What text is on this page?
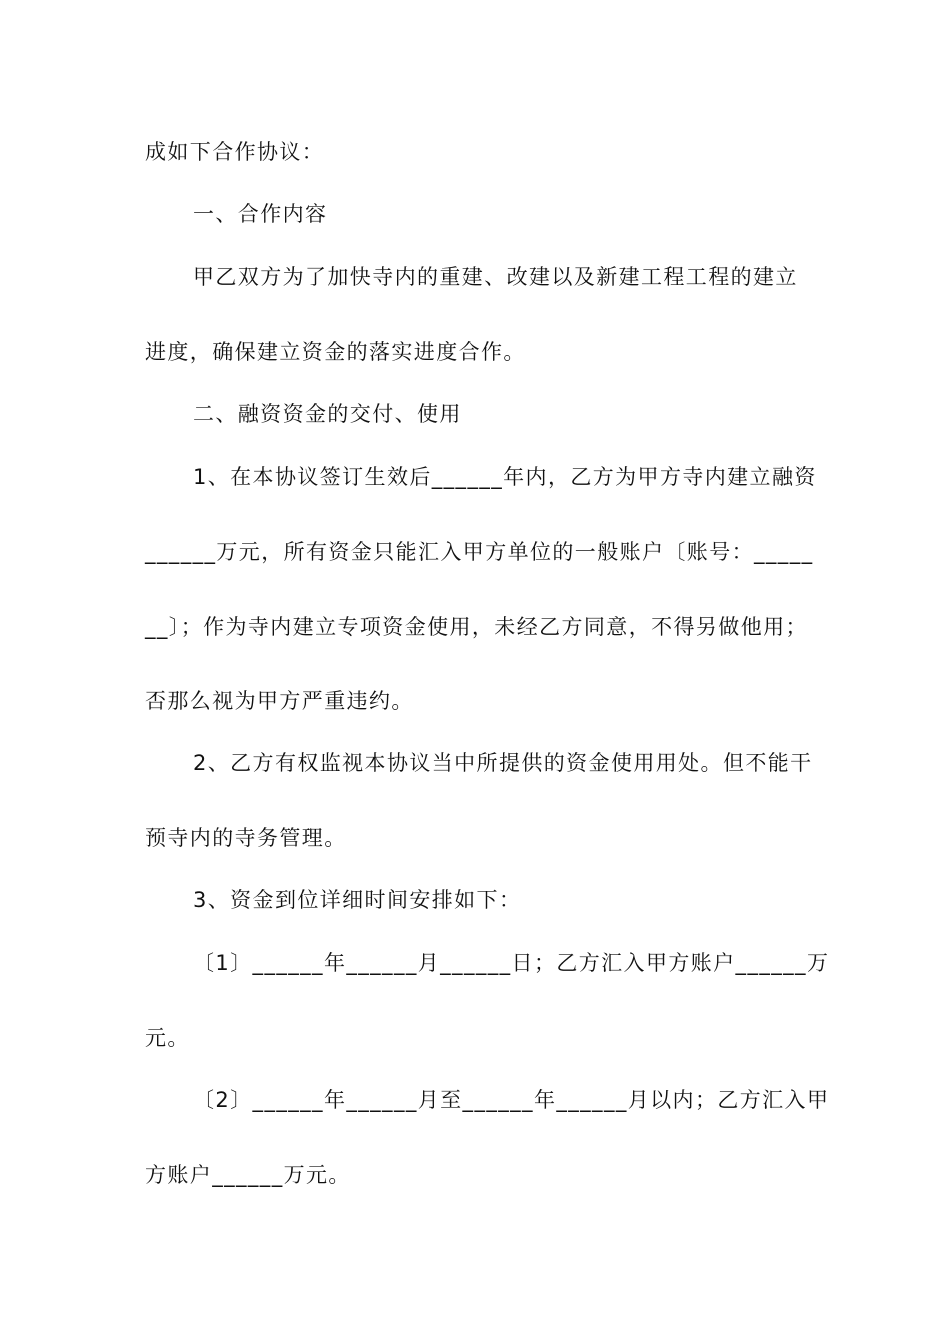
成如下合作协议：
一、合作内容
甲乙双方为了加快寺内的重建、改建以及新建工程工程的建立
进度，确保建立资金的落实进度合作。
二、融资资金的交付、使用
1、在本协议签订生效后______年内，乙方为甲方寺内建立融资
______万元，所有资金只能汇入甲方单位的一般账户〔账号：_____
__〕；作为寺内建立专项资金使用，未经乙方同意，不得另做他用；
否那么视为甲方严重违约。
2、乙方有权监视本协议当中所提供的资金使用用处。但不能干
预寺内的寺务管理。
3、资金到位详细时间安排如下：
〔1〕______年______月______日；乙方汇入甲方账户______万
元。
〔2〕______年______月至______年______月以内；乙方汇入甲
方账户______万元。
